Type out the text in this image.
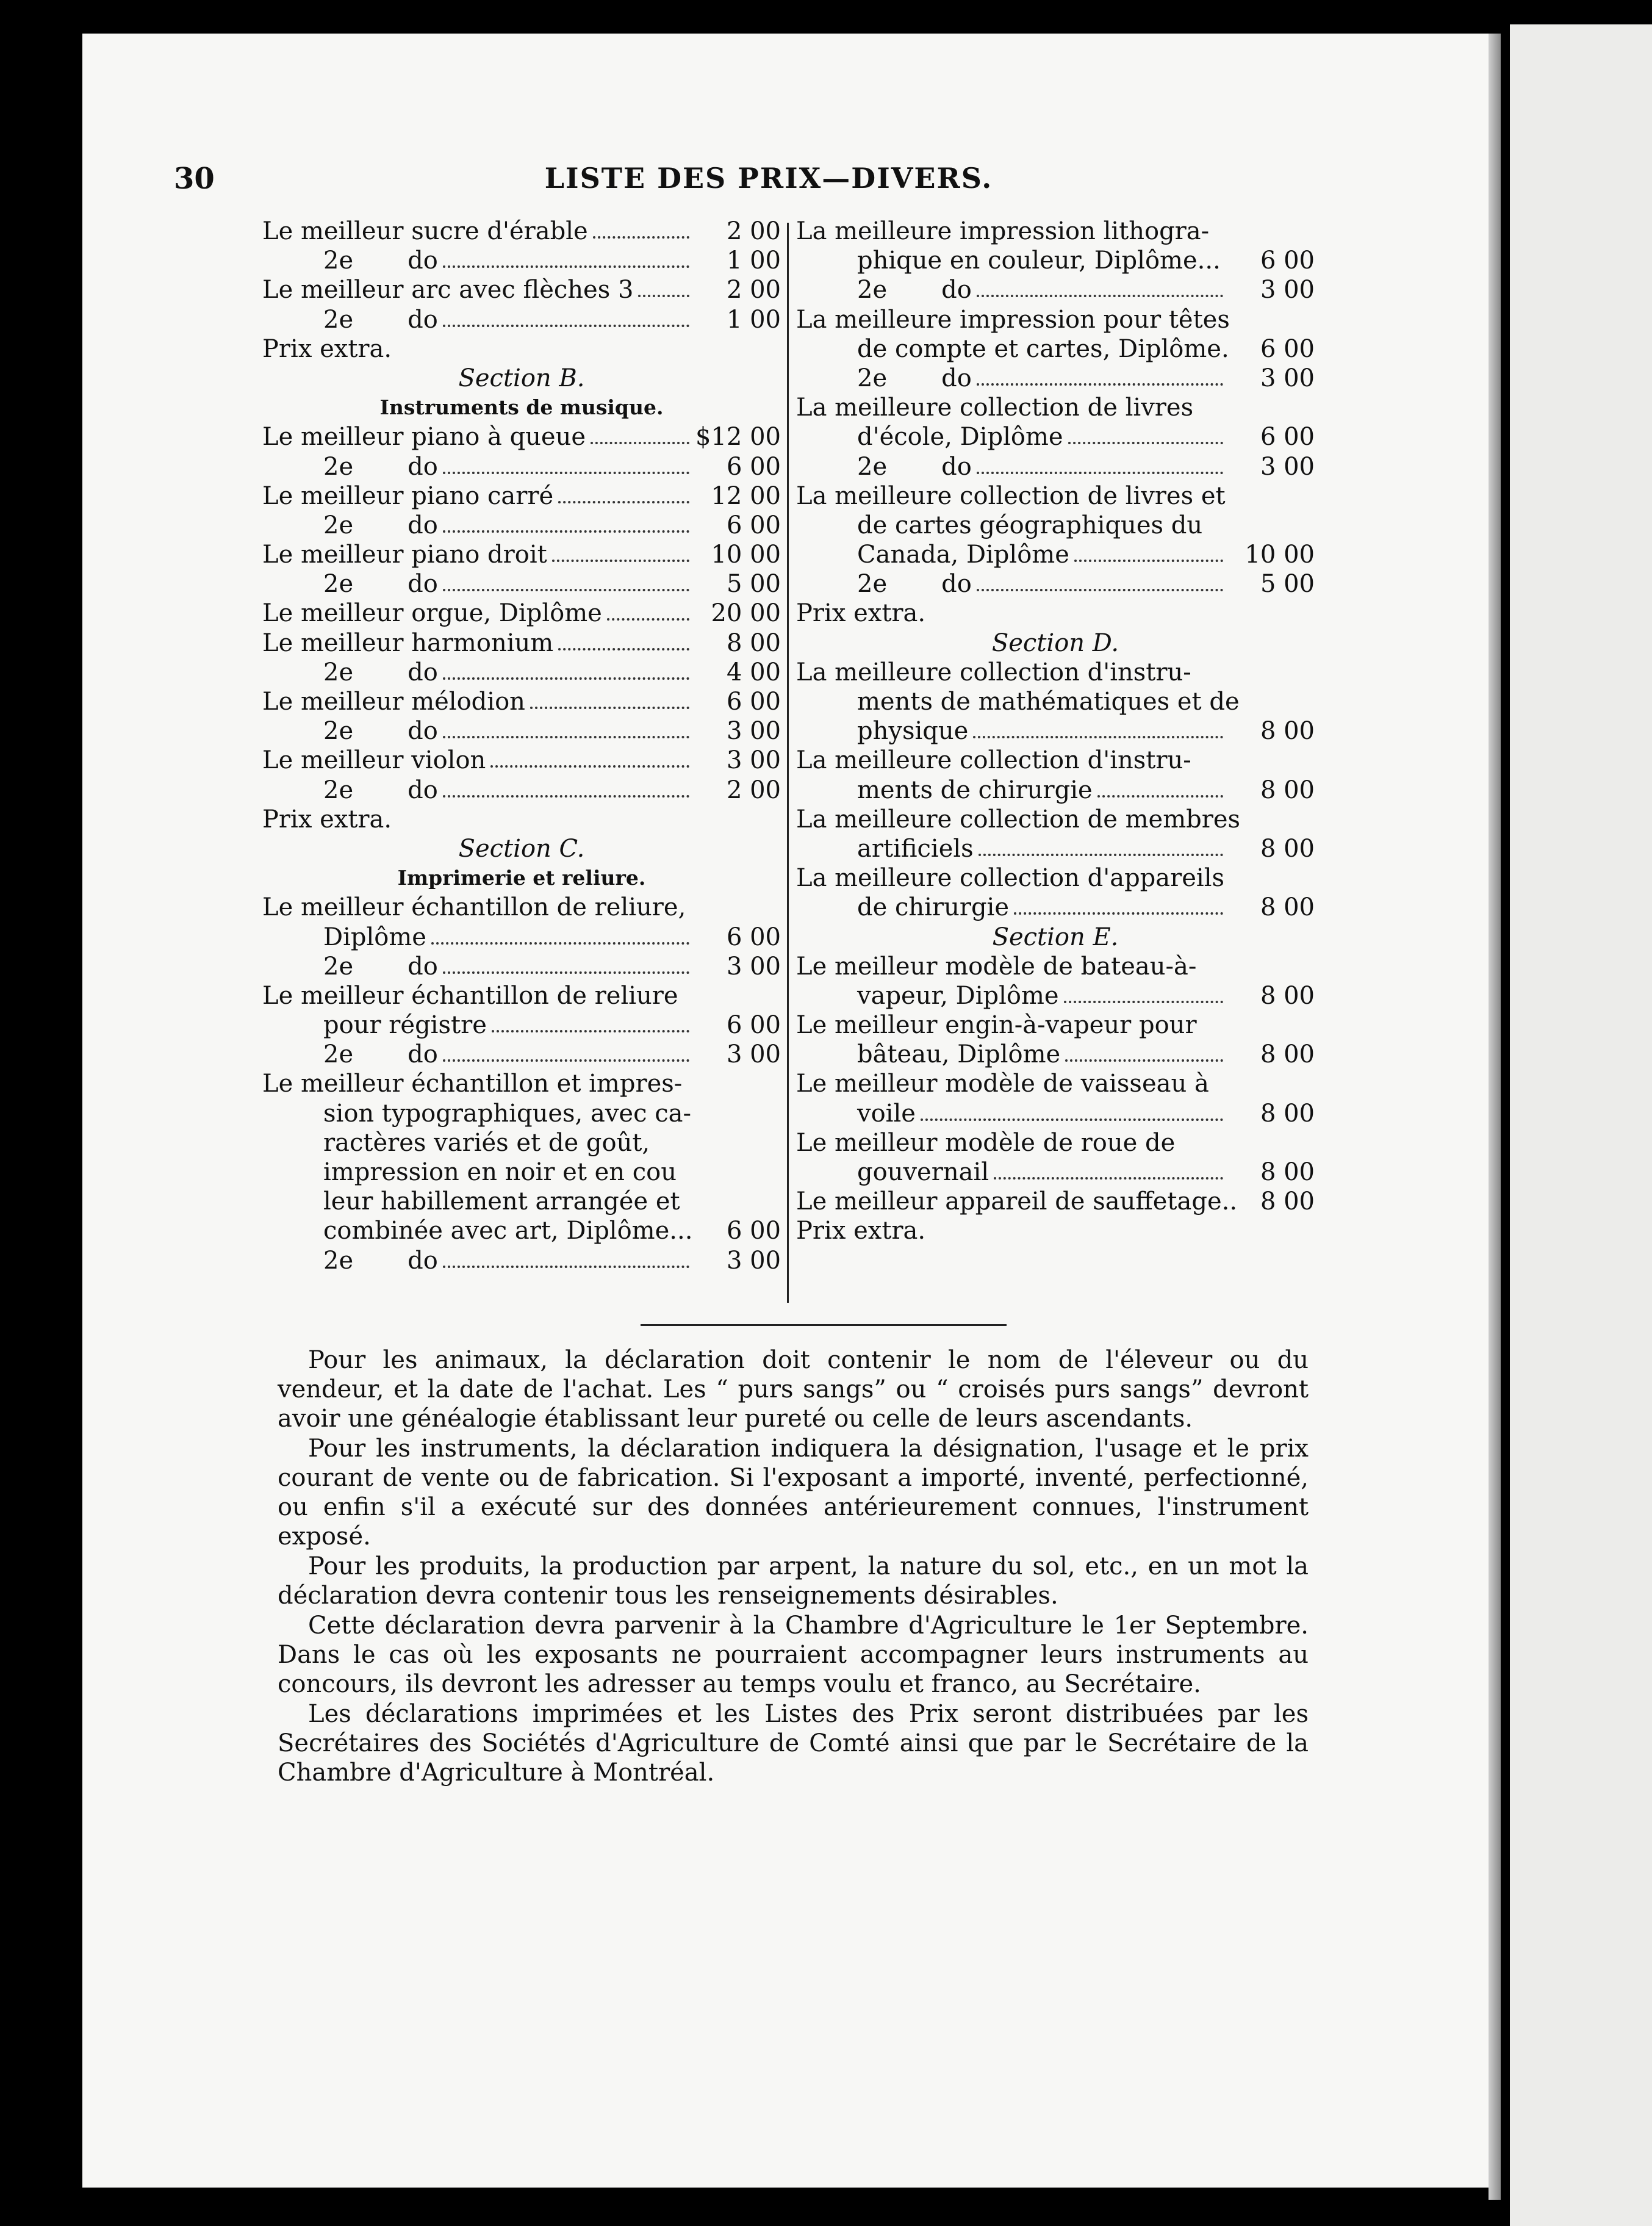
30	LISTE DES PRIX—DIVERS.
Le meilleur sucre d'érable	2 00
2e       do	1 00
Le meilleur arc avec flèches 3	2 00
2e       do	1 00
Prix extra.
Section B.
Instruments de musique.
Le meilleur piano à queue	$12 00
2e       do	6 00
Le meilleur piano carré	12 00
2e       do	6 00
Le meilleur piano droit	10 00
2e       do	5 00
Le meilleur orgue, Diplôme	20 00
Le meilleur harmonium	8 00
2e       do	4 00
Le meilleur mélodion	6 00
2e       do	3 00
Le meilleur violon	3 00
2e       do	2 00
Prix extra.
Section C.
Imprimerie et reliure.
Le meilleur échantillon de reliure,
Diplôme	6 00
2e       do	3 00
Le meilleur échantillon de reliure
pour régistre	6 00
2e       do	3 00
Le meilleur échantillon et impres-
sion typographiques, avec ca-
ractères variés et de goût,
impression en noir et en cou
leur habillement arrangée et
combinée avec art, Diplôme...	6 00
2e       do	3 00
La meilleure impression lithogra-
phique en couleur, Diplôme...	6 00
2e       do	3 00
La meilleure impression pour têtes
de compte et cartes, Diplôme.	6 00
2e       do	3 00
La meilleure collection de livres
d'école, Diplôme	6 00
2e       do	3 00
La meilleure collection de livres et
de cartes géographiques du
Canada, Diplôme	10 00
2e       do	5 00
Prix extra.
Section D.
La meilleure collection d'instru-
ments de mathématiques et de
physique	8 00
La meilleure collection d'instru-
ments de chirurgie	8 00
La meilleure collection de membres
artificiels	8 00
La meilleure collection d'appareils
de chirurgie	8 00
Section E.
Le meilleur modèle de bateau-à-
vapeur, Diplôme	8 00
Le meilleur engin-à-vapeur pour
bâteau, Diplôme	8 00
Le meilleur modèle de vaisseau à
voile	8 00
Le meilleur modèle de roue de
gouvernail	8 00
Le meilleur appareil de sauffetage.. 8 00
Prix extra.

Pour les animaux, la déclaration doit contenir le nom de l'éleveur ou du vendeur, et la date de l'achat. Les “ purs sangs” ou “ croisés purs sangs” devront avoir une généalogie établissant leur pureté ou celle de leurs ascendants.

Pour les instruments, la déclaration indiquera la désignation, l'usage et le prix courant de vente ou de fabrication. Si l'exposant a importé, inventé, perfectionné, ou enfin s'il a exécuté sur des données antérieurement connues, l'instrument exposé.

Pour les produits, la production par arpent, la nature du sol, etc., en un mot la déclaration devra contenir tous les renseignements désirables.

Cette déclaration devra parvenir à la Chambre d'Agriculture le 1er Septembre. Dans le cas où les exposants ne pourraient accompagner leurs instruments au concours, ils devront les adresser au temps voulu et franco, au Secrétaire.

Les déclarations imprimées et les Listes des Prix seront distribuées par les Secrétaires des Sociétés d'Agriculture de Comté ainsi que par le Secrétaire de la Chambre d'Agriculture à Montréal.
